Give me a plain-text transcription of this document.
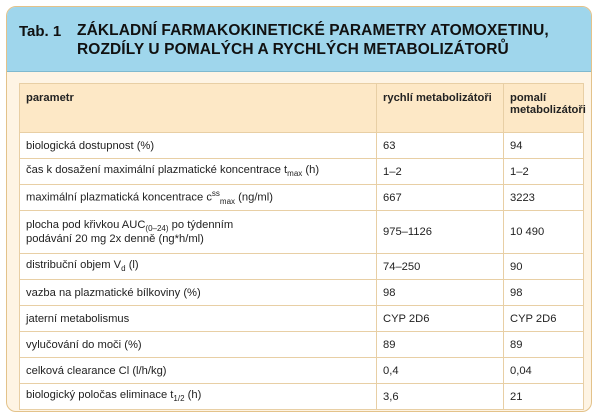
Tab. 1 ZÁKLADNÍ FARMAKOKINETICKÉ PARAMETRY ATOMOXETINU, ROZDÍLY U POMALÝCH A RYCHLÝCH METABOLIZÁTORŮ
parametr	rychlí metabolizátoři	pomalí metabolizátoři
biologická dostupnost (%)	63	94
čas k dosažení maximální plazmatické koncentrace $t_{max}$ (h)	1–2	1–2
maximální plazmatická koncentrace $c^{ss}_{max}$ (ng/ml)	667	3223
plocha pod křivkou $AUC_{(0-24)}$ po týdenním
podávání 20 mg 2x denně (ng*h/ml)	975–1126	10 490
distribuční objem $V_d$ (l)	74–250	90
vazba na plazmatické bílkoviny (%)	98	98
jaterní metabolismus	CYP 2D6	CYP 2D6
vylučování do moči (%)	89	89
celková clearance Cl (l/h/kg)	0,4	0,04
biologický poločas eliminace $t_{1/2}$ (h)	3,6	21
